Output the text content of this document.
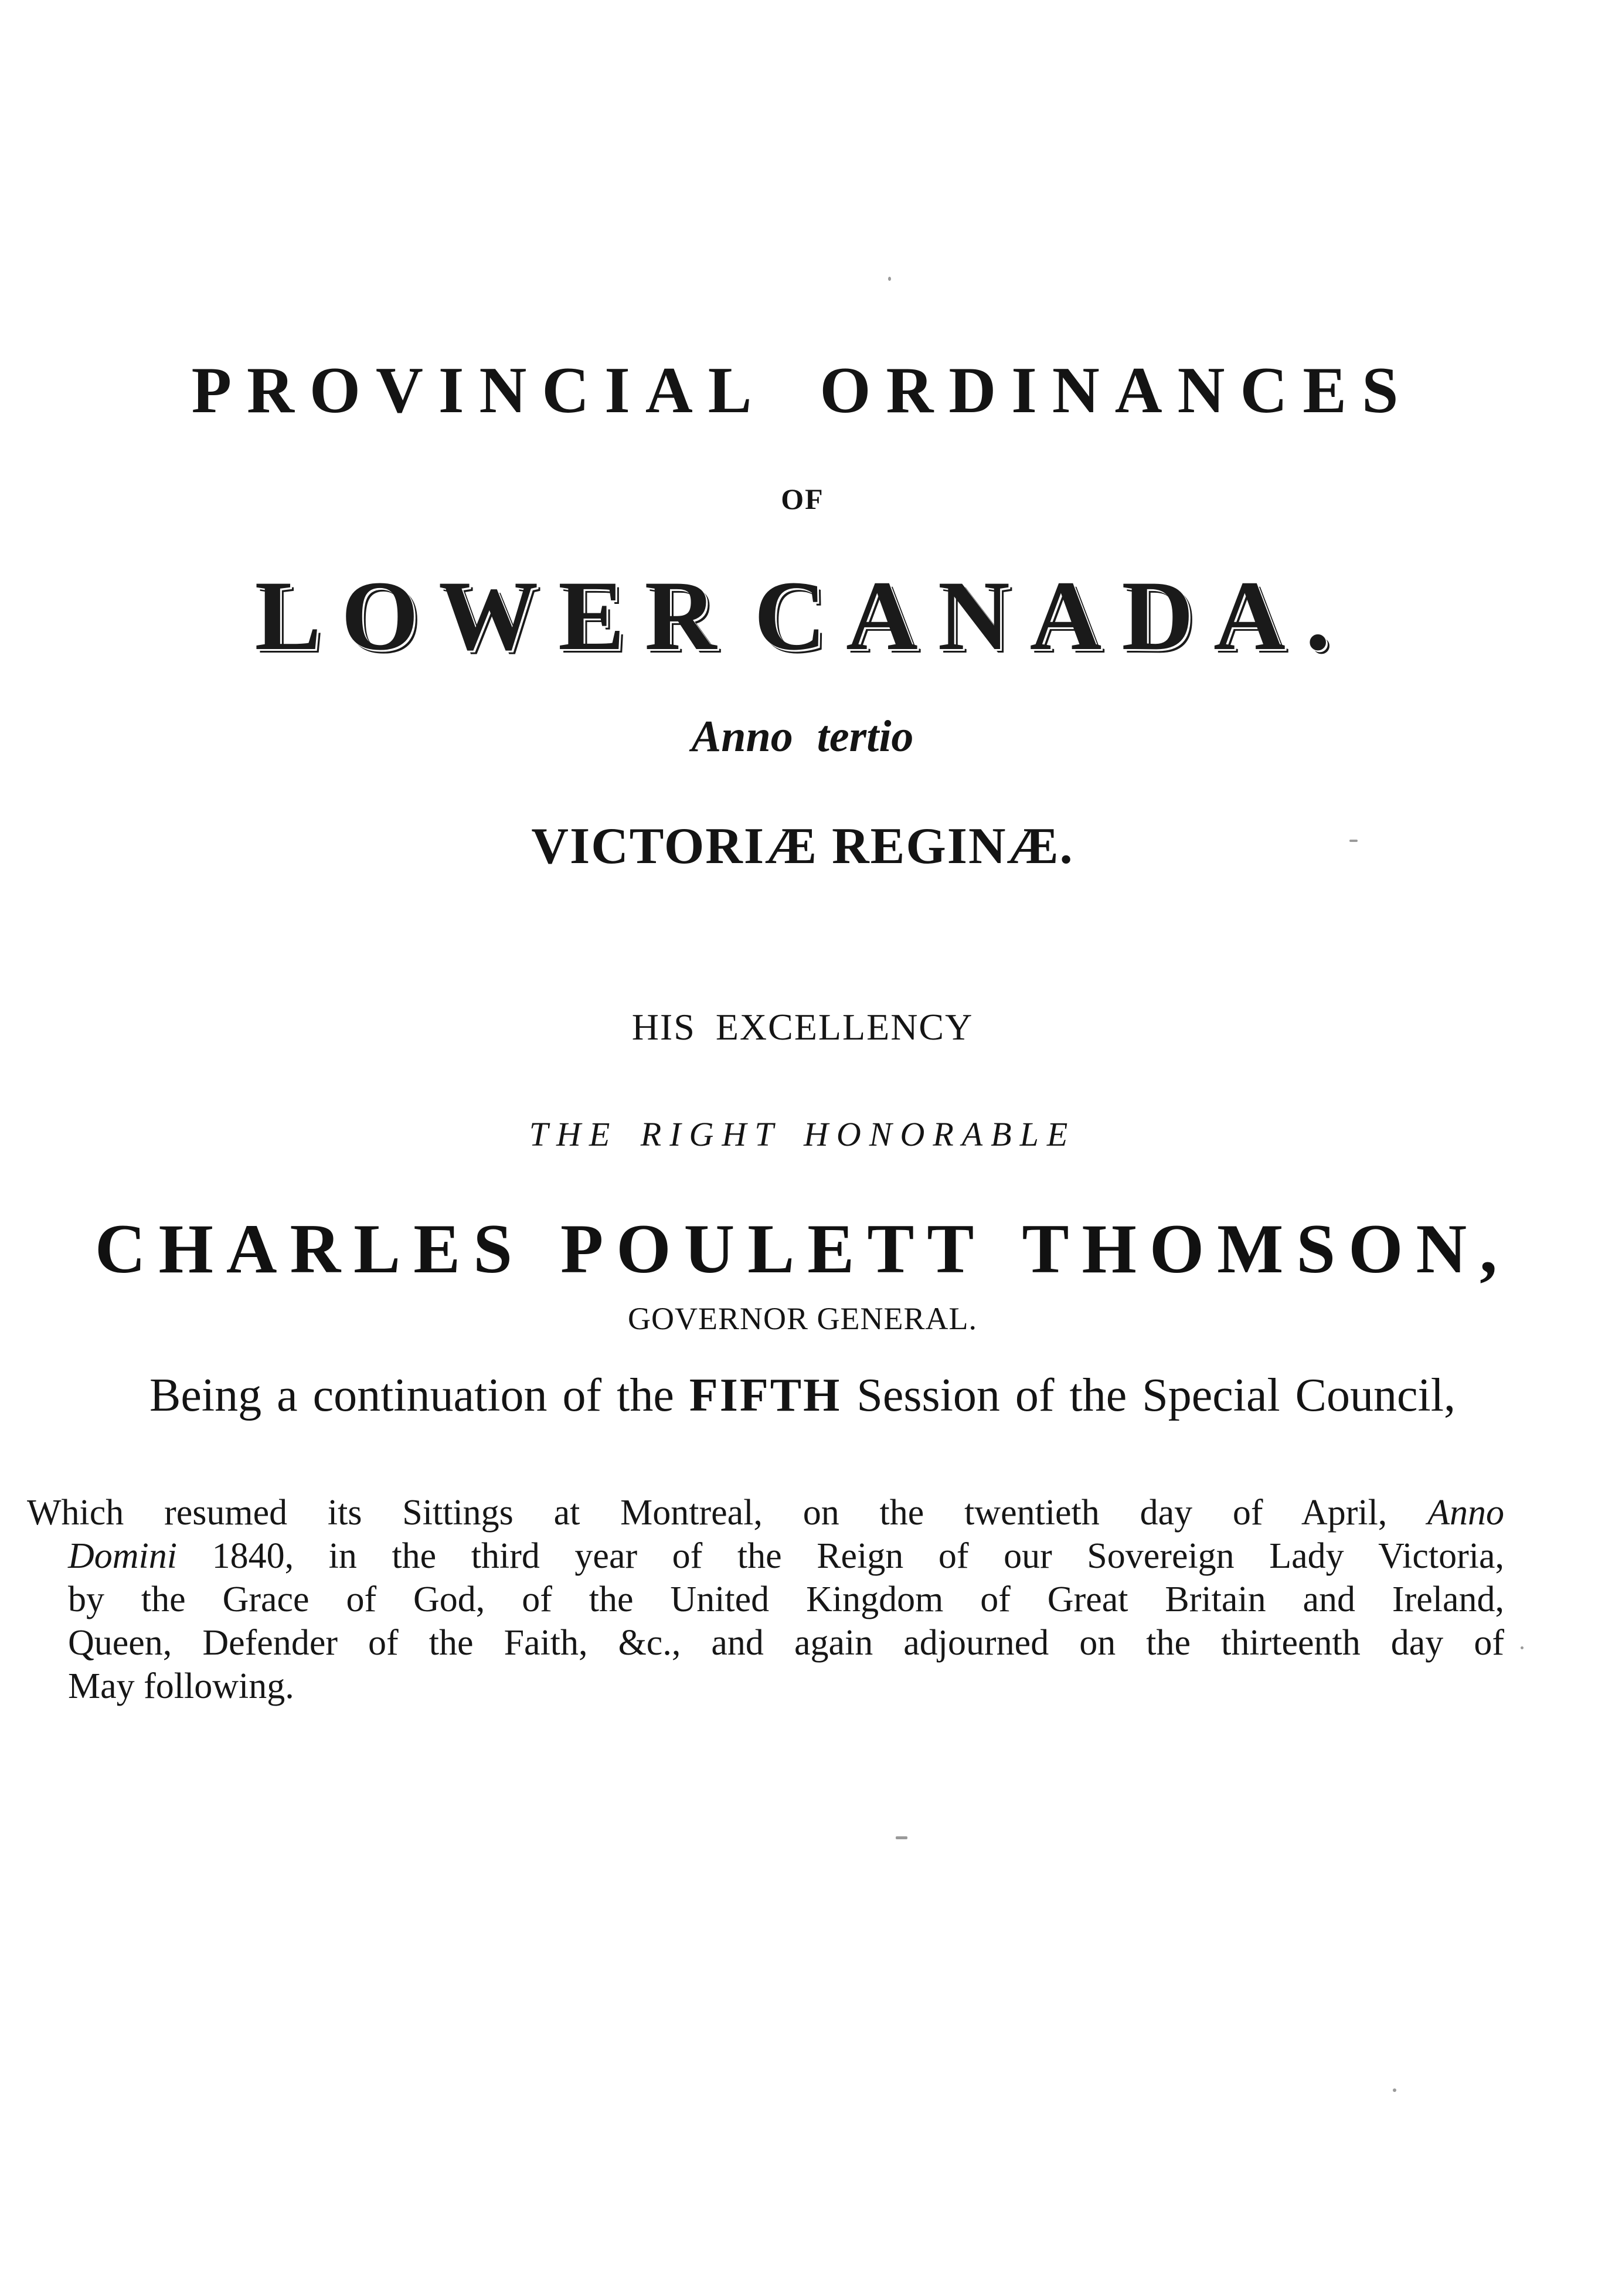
PROVINCIAL ORDINANCES
OF
LOWER CANADA.
Anno tertio
VICTORIÆ REGINÆ.
HIS EXCELLENCY
THE RIGHT HONORABLE
CHARLES POULETT THOMSON,
GOVERNOR GENERAL.
Being a continuation of the FIFTH Session of the Special Council,
Which resumed its Sittings at Montreal, on the twentieth day of April, Anno
Domini 1840, in the third year of the Reign of our Sovereign Lady Victoria,
by the Grace of God, of the United Kingdom of Great Britain and Ireland,
Queen, Defender of the Faith, &c., and again adjourned on the thirteenth day of
May following.
